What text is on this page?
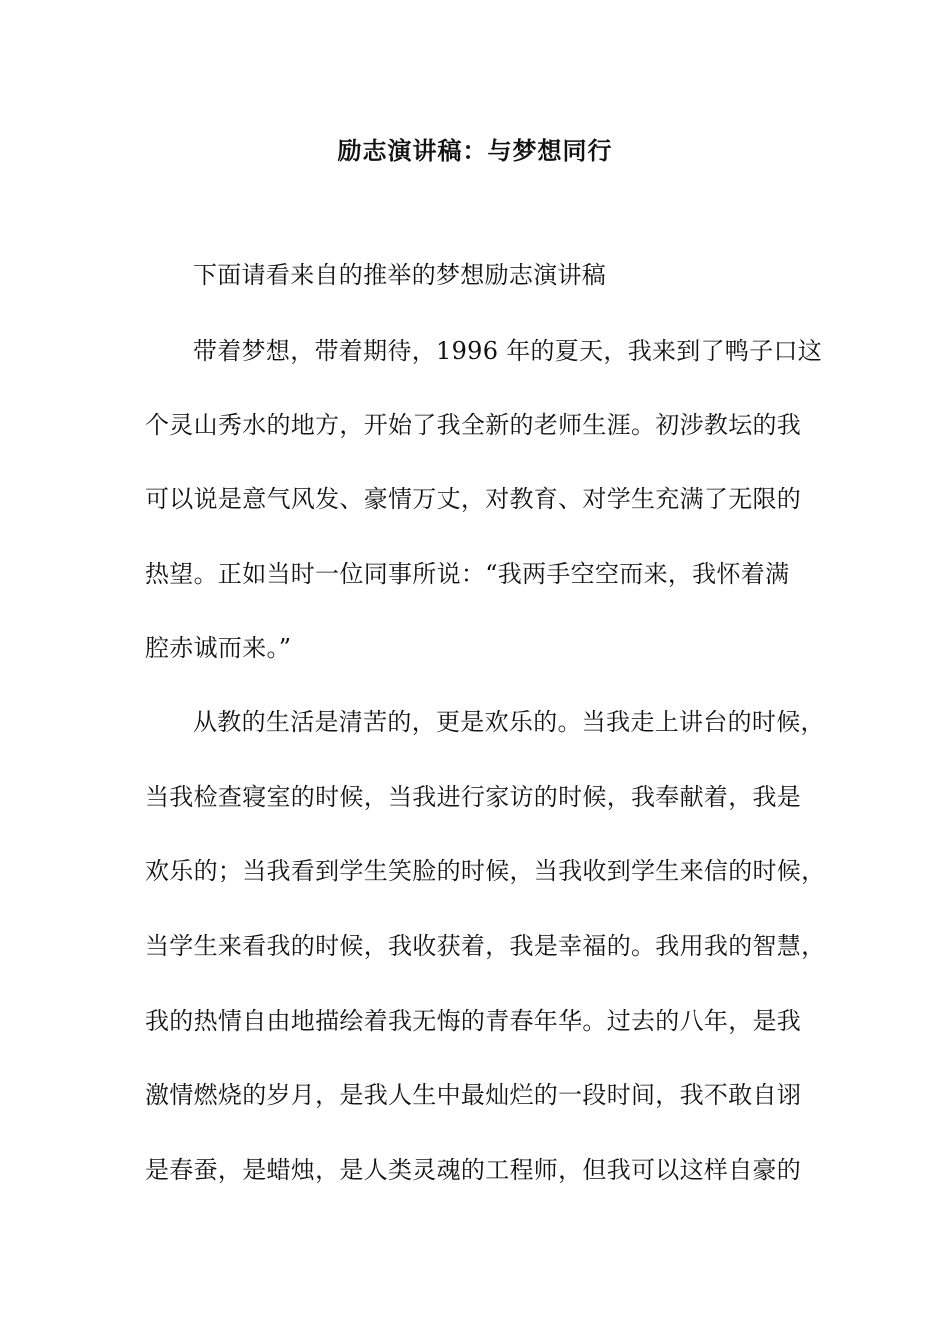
励志演讲稿：与梦想同行
下面请看来自的推举的梦想励志演讲稿
带着梦想，带着期待，1996 年的夏天，我来到了鸭子口这
个灵山秀水的地方，开始了我全新的老师生涯。初涉教坛的我
可以说是意气风发、豪情万丈，对教育、对学生充满了无限的
热望。正如当时一位同事所说：“我两手空空而来，我怀着满
腔赤诚而来。”
从教的生活是清苦的，更是欢乐的。当我走上讲台的时候，
当我检查寝室的时候，当我进行家访的时候，我奉献着，我是
欢乐的；当我看到学生笑脸的时候，当我收到学生来信的时候，
当学生来看我的时候，我收获着，我是幸福的。我用我的智慧，
我的热情自由地描绘着我无悔的青春年华。过去的八年，是我
激情燃烧的岁月，是我人生中最灿烂的一段时间，我不敢自诩
是春蚕，是蜡烛，是人类灵魂的工程师，但我可以这样自豪的
